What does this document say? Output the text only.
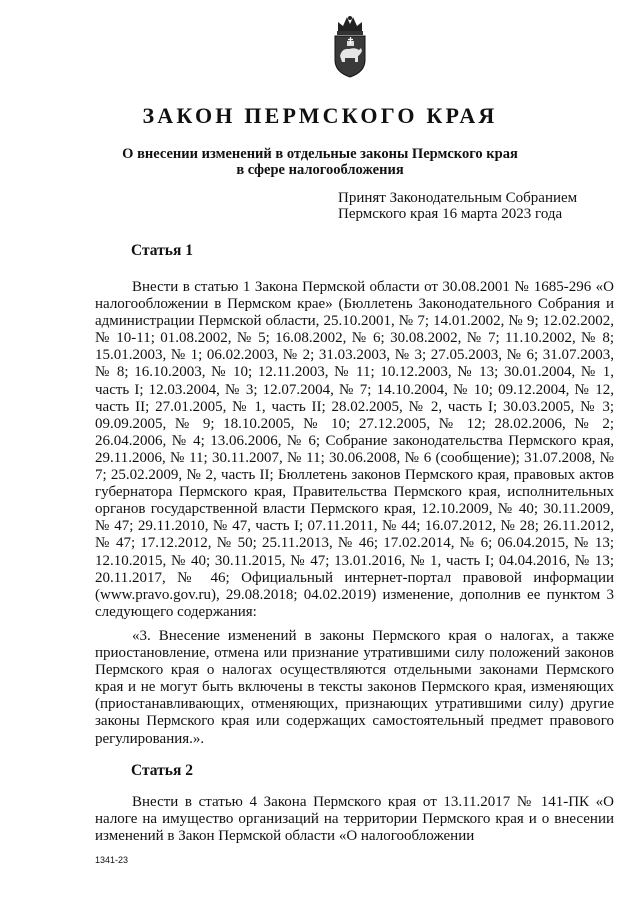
ЗАКОН ПЕРМСКОГО КРАЯ
О внесении изменений в отдельные законы Пермского края
в сфере налогообложения
Принят Законодательным Собранием
Пермского края 16 марта 2023 года
Статья 1

Внести в статью 1 Закона Пермской области от 30.08.2001 № 1685-296 «О налогообложении в Пермском крае» (Бюллетень Законодательного Собрания и администрации Пермской области, 25.10.2001, № 7; 14.01.2002, № 9; 12.02.2002, № 10-11; 01.08.2002, № 5; 16.08.2002, № 6; 30.08.2002, № 7; 11.10.2002, № 8; 15.01.2003, № 1; 06.02.2003, № 2; 31.03.2003, № 3; 27.05.2003, № 6; 31.07.2003, № 8; 16.10.2003, № 10; 12.11.2003, № 11; 10.12.2003, № 13; 30.01.2004, № 1, часть I; 12.03.2004, № 3; 12.07.2004, № 7; 14.10.2004, № 10; 09.12.2004, № 12, часть II; 27.01.2005, № 1, часть II; 28.02.2005, № 2, часть I; 30.03.2005, № 3; 09.09.2005, № 9; 18.10.2005, № 10; 27.12.2005, № 12; 28.02.2006, № 2; 26.04.2006, № 4; 13.06.2006, № 6; Собрание законодательства Пермского края, 29.11.2006, № 11; 30.11.2007, № 11; 30.06.2008, № 6 (сообщение); 31.07.2008, № 7; 25.02.2009, № 2, часть II; Бюллетень законов Пермского края, правовых актов губернатора Пермского края, Правительства Пермского края, исполнительных органов государственной власти Пермского края, 12.10.2009, № 40; 30.11.2009, № 47; 29.11.2010, № 47, часть I; 07.11.2011, № 44; 16.07.2012, № 28; 26.11.2012, № 47; 17.12.2012, № 50; 25.11.2013, № 46; 17.02.2014, № 6; 06.04.2015, № 13; 12.10.2015, № 40; 30.11.2015, № 47; 13.01.2016, № 1, часть I; 04.04.2016, № 13; 20.11.2017, № 46; Официальный интернет-портал правовой информации (www.pravo.gov.ru), 29.08.2018; 04.02.2019) изменение, дополнив ее пунктом 3 следующего содержания:

«3. Внесение изменений в законы Пермского края о налогах, а также приостановление, отмена или признание утратившими силу положений законов Пермского края о налогах осуществляются отдельными законами Пермского края и не могут быть включены в тексты законов Пермского края, изменяющих (приостанавливающих, отменяющих, признающих утратившими силу) другие законы Пермского края или содержащих самостоятельный предмет правового регулирования.».

Статья 2

Внести в статью 4 Закона Пермского края от 13.11.2017 № 141-ПК «О налоге на имущество организаций на территории Пермского края и о внесении изменений в Закон Пермской области «О налогообложении

1341-23
